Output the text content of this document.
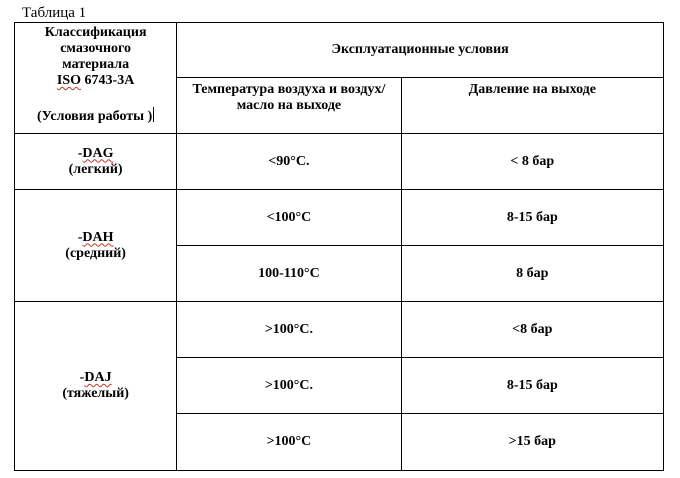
Таблица 1
Классификация
смазочного
материала
ISO 6743-3A
(Условия работы )	Эксплуатационные условия	
	Температура воздуха и воздух/масло на выходе	Давление на выходе
-DAG
(легкий)	<90°C.	< 8 бар
-DAH
(средний)	<100°C	8-15 бар
	100-110°C	8 бар
-DAJ
(тяжелый)	>100°C.	<8 бар
	>100°C.	8-15 бар
	>100°C	>15 бар
